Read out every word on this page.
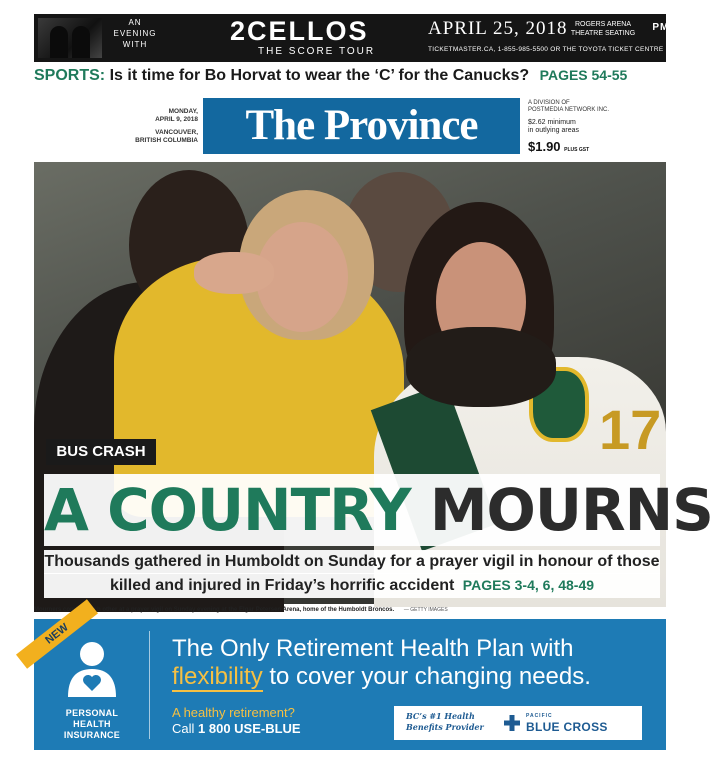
AN
EVENING
WITH	2CELLOS
THE SCORE TOUR
APRIL 25, 2018	ROGERS ARENA
THEATRE SEATING
PMC
TICKETMASTER.CA, 1-855-985-5500 OR THE TOYOTA TICKET CENTRE
SPORTS: Is it time for Bo Horvat to wear the ‘C’ for the Canucks? PAGES 54-55
MONDAY,
APRIL 9, 2018
VANCOUVER,
BRITISH COLUMBIA	The Province	A DIVISION OF
POSTMEDIA NETWORK INC.
$2.62 minimum
in outlying areas
$1.90 PLUS GST
17
BUS CRASH
A COUNTRY MOURNS
Thousands gathered in Humboldt on Sunday for a prayer vigil in honour of those
killed and injured in Friday’s horrific accident PAGES 3-4, 6, 48-49
Mourners comfort each other at a prayer vigil on Sunday evening at the Elgar Petersen Arena, home of the Humboldt Broncos. — GETTY IMAGES
NEW
PERSONAL
HEALTH
INSURANCE
The Only Retirement Health Plan with
flexibility to cover your changing needs.
A healthy retirement?
Call 1 800 USE-BLUE
BC’s #1 Health
Benefits Provider
PACIFIC
BLUE CROSS
